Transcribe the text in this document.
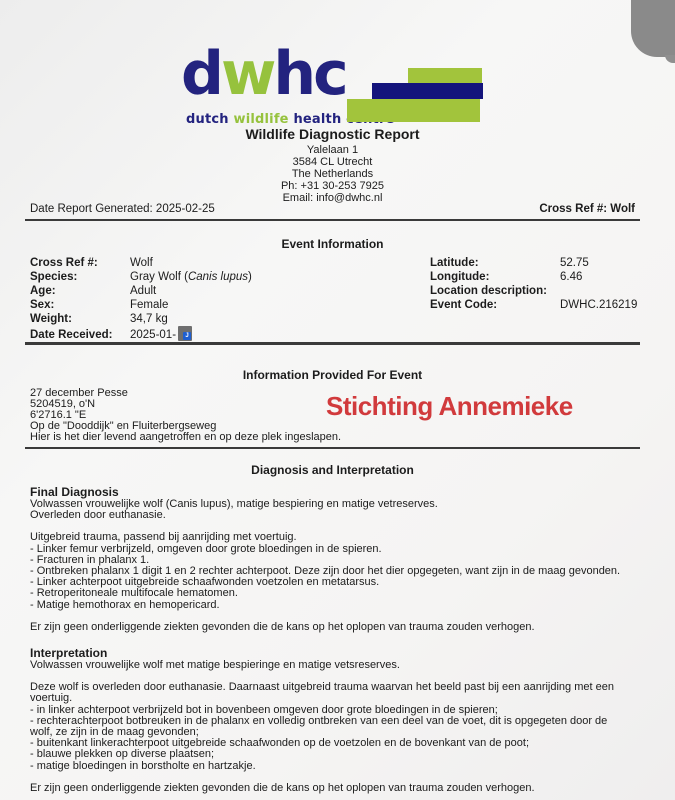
dwhc
dutch wildlife health
Wildlife Diagnostic Report
Yalelaan 1
3584 CL Utrecht
The Netherlands
Ph: +31 30-253 7925
Email: info@dwhc.nl
Date Report Generated: 2025-02-25	Cross Ref #: Wolf
Event Information
Cross Ref #:	Wolf
Species:	Gray Wolf (Canis lupus)
Age:	Adult
Sex:	Female
Weight:	34,7 kg
Date Received: 2025-01-	J
Latitude:	52.75
Longitude:	6.46
Location description:
Event Code:	DWHC.216219
Information Provided For Event
27 december Pesse
5204519, o'N
6'2716.1 "E
Op de "Dooddijk" en Fluiterbergseweg
Hier is het dier levend aangetroffen en op deze plek ingeslapen.
Stichting Annemieke
Diagnosis and Interpretation

Final Diagnosis

Volwassen vrouwelijke wolf (Canis lupus), matige bespiering en matige vetreserves.

Overleden door euthanasie.

Uitgebreid trauma, passend bij aanrijding met voertuig.

- Linker femur verbrijzeld, omgeven door grote bloedingen in de spieren.

- Fracturen in phalanx 1.

- Ontbreken phalanx 1 digit 1 en 2 rechter achterpoot. Deze zijn door het dier opgegeten, want zijn in de maag gevonden.

- Linker achterpoot uitgebreide schaafwonden voetzolen en metatarsus.

- Retroperitoneale multifocale hematomen.

- Matige hemothorax en hemopericard.

Er zijn geen onderliggende ziekten gevonden die de kans op het oplopen van trauma zouden verhogen.

Interpretation

Volwassen vrouwelijke wolf met matige bespieringe en matige vetsreserves.

Deze wolf is overleden door euthanasie. Daarnaast uitgebreid trauma waarvan het beeld past bij een aanrijding met een voertuig.

- in linker achterpoot verbrijzeld bot in bovenbeen omgeven door grote bloedingen in de spieren;

- rechterachterpoot botbreuken in de phalanx en volledig ontbreken van een deel van de voet, dit is opgegeten door de wolf, ze zijn in de maag gevonden;

- buitenkant linkerachterpoot uitgebreide schaafwonden op de voetzolen en de bovenkant van de poot;

- blauwe plekken op diverse plaatsen;

- matige bloedingen in borstholte en hartzakje.

Er zijn geen onderliggende ziekten gevonden die de kans op het oplopen van trauma zouden verhogen.
